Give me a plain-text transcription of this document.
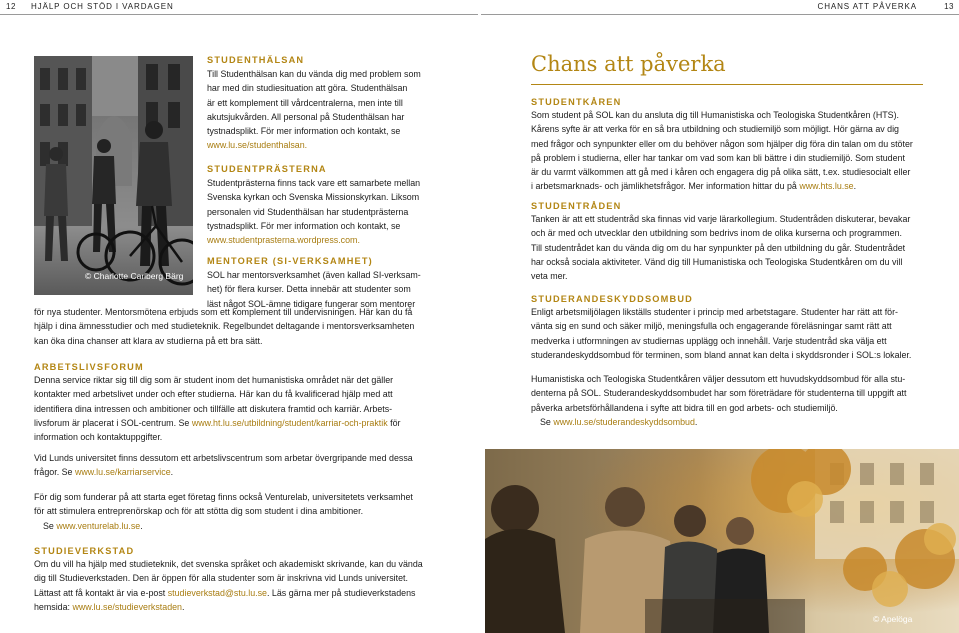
12 HJÄLP OCH STÖD I VARDAGEN	CHANS ATT PÅVERKA	13
© Charlotte Carlberg Bärg
STUDENTHÄLSAN
Till Studenthälsan kan du vända dig med problem som
har med din studiesituation att göra. Studenthälsan
är ett komplement till vårdcentralerna, men inte till
akutsjukvården. All personal på Studenthälsan har
tystnadsplikt. För mer information och kontakt, se
www.lu.se/studenthalsan.
STUDENTPRÄSTERNA
Studentprästerna finns tack vare ett samarbete mellan
Svenska kyrkan och Svenska Missionskyrkan. Liksom
personalen vid Studenthälsan har studentprästerna
tystnadsplikt. För mer information och kontakt, se
www.studentprasterna.wordpress.com.
MENTORER (SI-VERKSAMHET)
SOL har mentorsverksamhet (även kallad SI-verksam-
het) för flera kurser. Detta innebär att studenter som
läst något SOL-ämne tidigare fungerar som mentorer
för nya studenter. Mentorsmötena erbjuds som ett komplement till undervisningen. Här kan du få
hjälp i dina ämnesstudier och med studieteknik. Regelbundet deltagande i mentorsverksamheten
kan öka dina chanser att klara av studierna på ett bra sätt.
ARBETSLIVSFORUM
Denna service riktar sig till dig som är student inom det humanistiska området när det gäller
kontakter med arbetslivet under och efter studierna. Här kan du få kvalificerad hjälp med att
identifiera dina intressen och ambitioner och tillfälle att diskutera framtid och karriär. Arbets-
livsforum är placerat i SOL-centrum. Se www.ht.lu.se/utbildning/student/karriar-och-praktik för
information och kontaktuppgifter.
Vid Lunds universitet finns dessutom ett arbetslivscentrum som arbetar övergripande med dessa
frågor. Se www.lu.se/karriarservice.
För dig som funderar på att starta eget företag finns också Venturelab, universitetets verksamhet
för att stimulera entreprenörskap och för att stötta dig som student i dina ambitioner.
Se www.venturelab.lu.se.
STUDIEVERKSTAD
Om du vill ha hjälp med studieteknik, det svenska språket och akademiskt skrivande, kan du vända
dig till Studieverkstaden. Den är öppen för alla studenter som är inskrivna vid Lunds universitet.
Lättast att få kontakt är via e-post studieverkstad@stu.lu.se. Läs gärna mer på studieverkstadens
hemsida: www.lu.se/studieverkstaden.
Chans att påverka
STUDENTKÅREN
Som student på SOL kan du ansluta dig till Humanistiska och Teologiska Studentkåren (HTS).
Kårens syfte är att verka för en så bra utbildning och studiemiljö som möjligt. Hör gärna av dig
med frågor och synpunkter eller om du behöver någon som hjälper dig föra din talan om du stöter
på problem i studierna, eller har tankar om vad som kan bli bättre i din studiemiljö. Som student
är du varmt välkommen att gå med i kåren och engagera dig på olika sätt, t.ex. studiesocialt eller
i arbetsmarknads- och jämlikhetsfrågor. Mer information hittar du på www.hts.lu.se.
STUDENTRÅDEN
Tanken är att ett studentråd ska finnas vid varje lärarkollegium. Studentråden diskuterar, bevakar
och är med och utvecklar den utbildning som bedrivs inom de olika kurserna och programmen.
Till studentrådet kan du vända dig om du har synpunkter på den utbildning du går. Studentrådet
har också sociala aktiviteter. Vänd dig till Humanistiska och Teologiska Studentkåren om du vill
veta mer.
STUDERANDESKYDDSOMBUD
Enligt arbetsmiljölagen likställs studenter i princip med arbetstagare. Studenter har rätt att för-
vänta sig en sund och säker miljö, meningsfulla och engagerande föreläsningar samt rätt att
medverka i utformningen av studiernas upplägg och innehåll. Varje studentråd ska välja ett
studerandeskyddsombud för terminen, som bland annat kan delta i skyddsronder i SOL:s lokaler.
Humanistiska och Teologiska Studentkåren väljer dessutom ett huvudskyddsombud för alla stu-
denterna på SOL. Studerandeskyddsombudet har som företrädare för studenterna till uppgift att
påverka arbetsförhållandena i syfte att bidra till en god arbets- och studiemiljö.
Se www.lu.se/studerandeskyddsombud.
© Apelöga
